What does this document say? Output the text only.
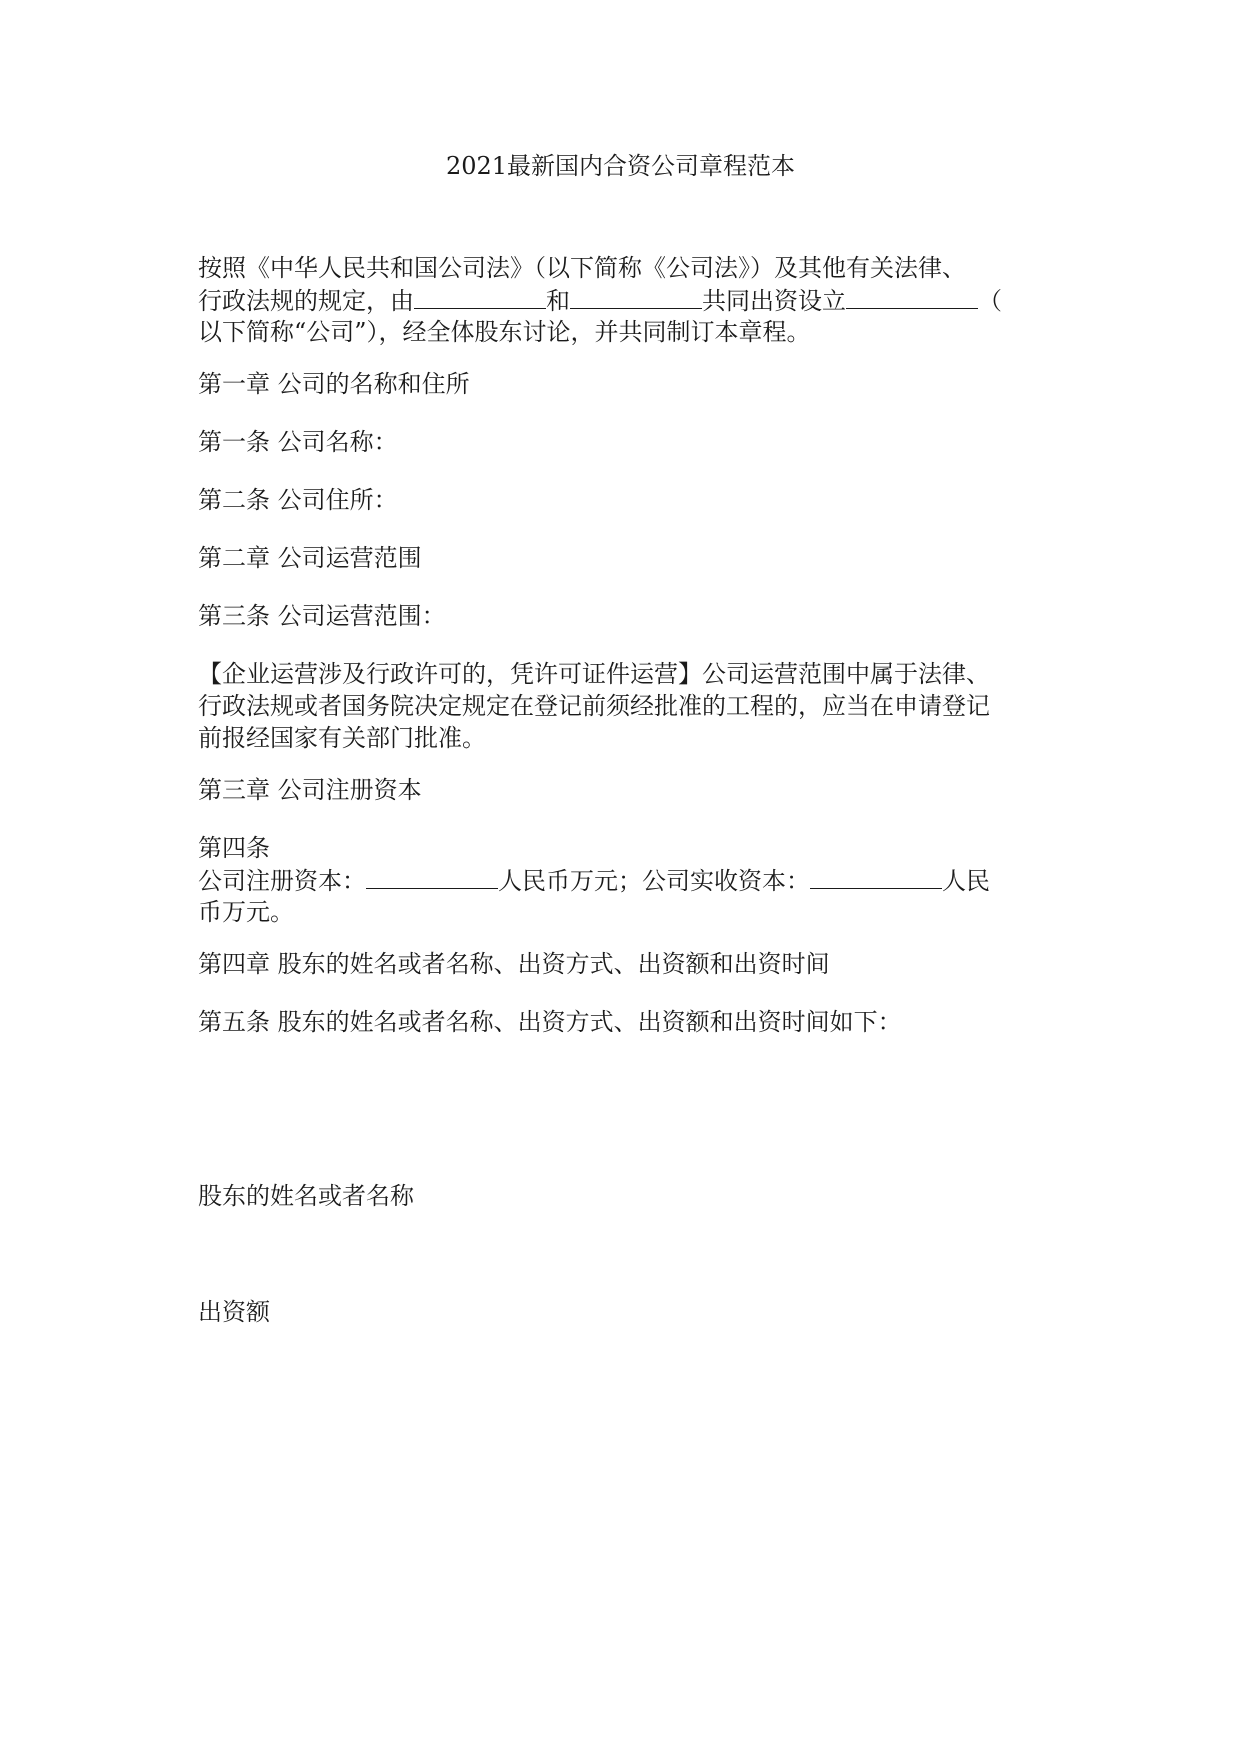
2021最新国内合资公司章程范本
按照《中华人民共和国公司法》（以下简称《公司法》）及其他有关法律、
行政法规的规定，由	和	共同出资设立	（
以下简称“公司”），经全体股东讨论，并共同制订本章程。
第一章 公司的名称和住所
第一条 公司名称：
第二条 公司住所：
第二章 公司运营范围
第三条 公司运营范围：
【企业运营涉及行政许可的，凭许可证件运营】公司运营范围中属于法律、
行政法规或者国务院决定规定在登记前须经批准的工程的，应当在申请登记
前报经国家有关部门批准。
第三章 公司注册资本
第四条
公司注册资本：	人民币万元；公司实收资本：	人民
币万元。
第四章 股东的姓名或者名称、出资方式、出资额和出资时间
第五条 股东的姓名或者名称、出资方式、出资额和出资时间如下：
股东的姓名或者名称
出资额
